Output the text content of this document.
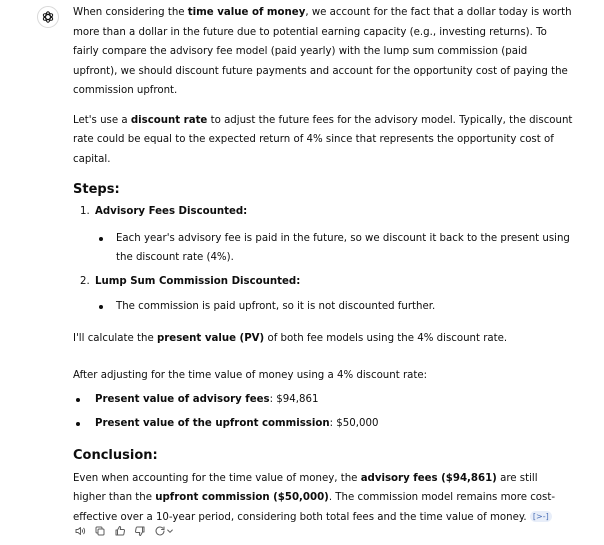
When considering the time value of money, we account for the fact that a dollar today is worth more than a dollar in the future due to potential earning capacity (e.g., investing returns). To fairly compare the advisory fee model (paid yearly) with the lump sum commission (paid upfront), we should discount future payments and account for the opportunity cost of paying the commission upfront.

Let's use a discount rate to adjust the future fees for the advisory model. Typically, the discount rate could be equal to the expected return of 4% since that represents the opportunity cost of capital.

Steps:
1. Advisory Fees Discounted:
Each year's advisory fee is paid in the future, so we discount it back to the present using the discount rate (4%).
2. Lump Sum Commission Discounted:
The commission is paid upfront, so it is not discounted further.

I'll calculate the present value (PV) of both fee models using the 4% discount rate.

After adjusting for the time value of money using a 4% discount rate:

Present value of advisory fees: $94,861
Present value of the upfront commission: $50,000
Conclusion:

Even when accounting for the time value of money, the advisory fees ($94,861) are still higher than the upfront commission ($50,000). The commission model remains more cost-effective over a 10-year period, considering both total fees and the time value of money. [>-]
